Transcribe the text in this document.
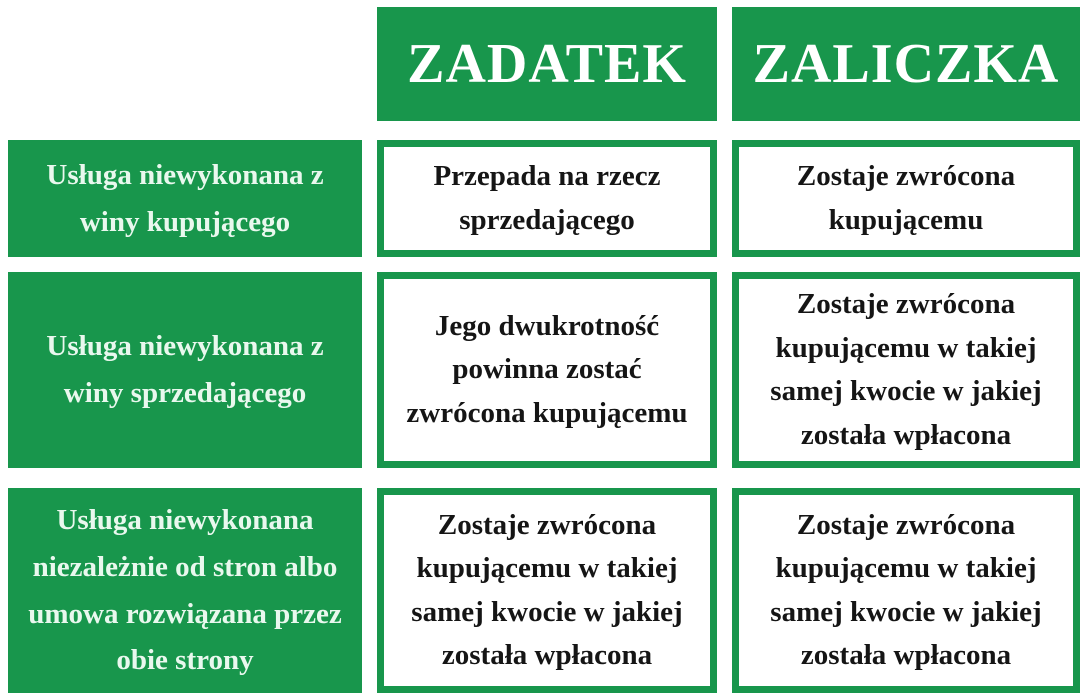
ZADATEK	ZALICZKA
Usługa niewykonana z winy kupującego
Przepada na rzecz sprzedającego
Zostaje zwrócona kupującemu
Usługa niewykonana z winy sprzedającego
Jego dwukrotność powinna zostać zwrócona kupującemu
Zostaje zwrócona kupującemu w takiej samej kwocie w jakiej została wpłacona
Usługa niewykonana niezależnie od stron albo umowa rozwiązana przez obie strony
Zostaje zwrócona kupującemu w takiej samej kwocie w jakiej została wpłacona
Zostaje zwrócona kupującemu w takiej samej kwocie w jakiej została wpłacona
